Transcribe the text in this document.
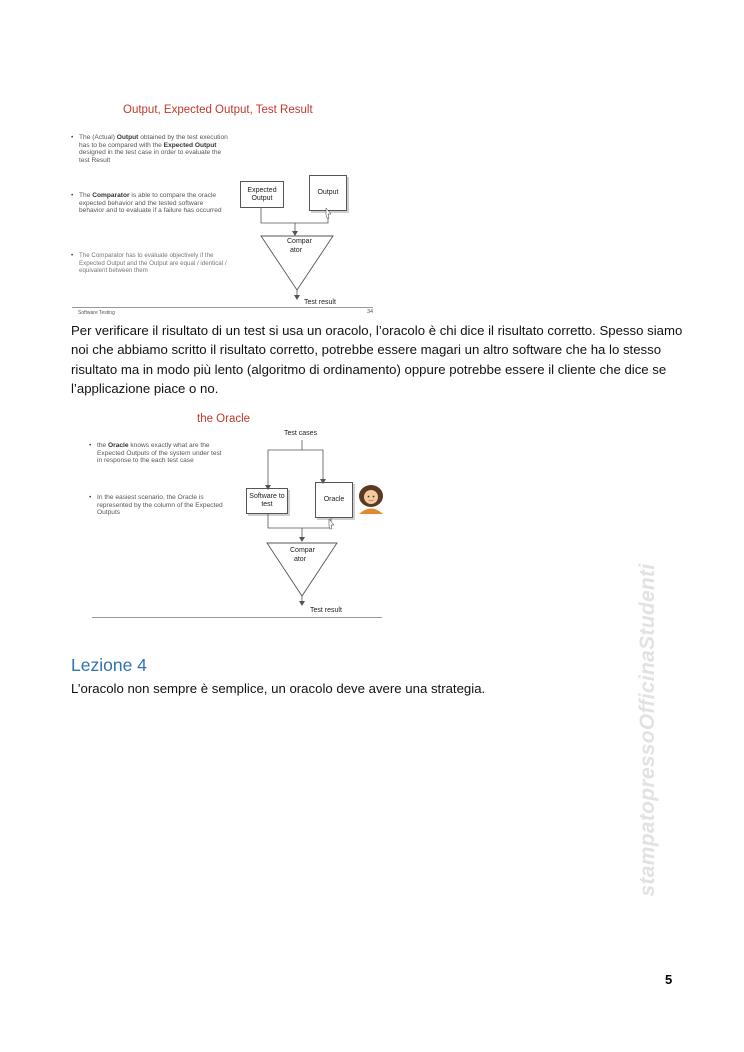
Output, Expected Output, Test Result
• The (Actual) Output obtained by the test execution has to be compared with the Expected Output designed in the test case in order to evaluate the test Result
• The Comparator is able to compare the oracle expected behavior and the tested software behavior and to evaluate if a failure has occurred
• The Comparator has to evaluate objectively if the Expected Output and the Output are equal / identical / equivalent between them
Expected Output
Output
Compar ator
Test result
Software Testing	34
Per verificare il risultato di un test si usa un oracolo, l’oracolo è chi dice il risultato corretto. Spesso siamo noi che abbiamo scritto il risultato corretto, potrebbe essere magari un altro software che ha lo stesso risultato ma in modo più lento (algoritmo di ordinamento) oppure potrebbe essere il cliente che dice se l’applicazione piace o no.
the Oracle
• the Oracle knows exactly what are the Expected Outputs of the system under test in response to the each test case
• In the easiest scenario, the Oracle is represented by the column of the Expected Outputs
Test cases
Software to test
Oracle
Compar ator
Test result
Lezione 4
L’oracolo non sempre è semplice, un oracolo deve avere una strategia.	stampatopressoOfficinaStudenti
5
